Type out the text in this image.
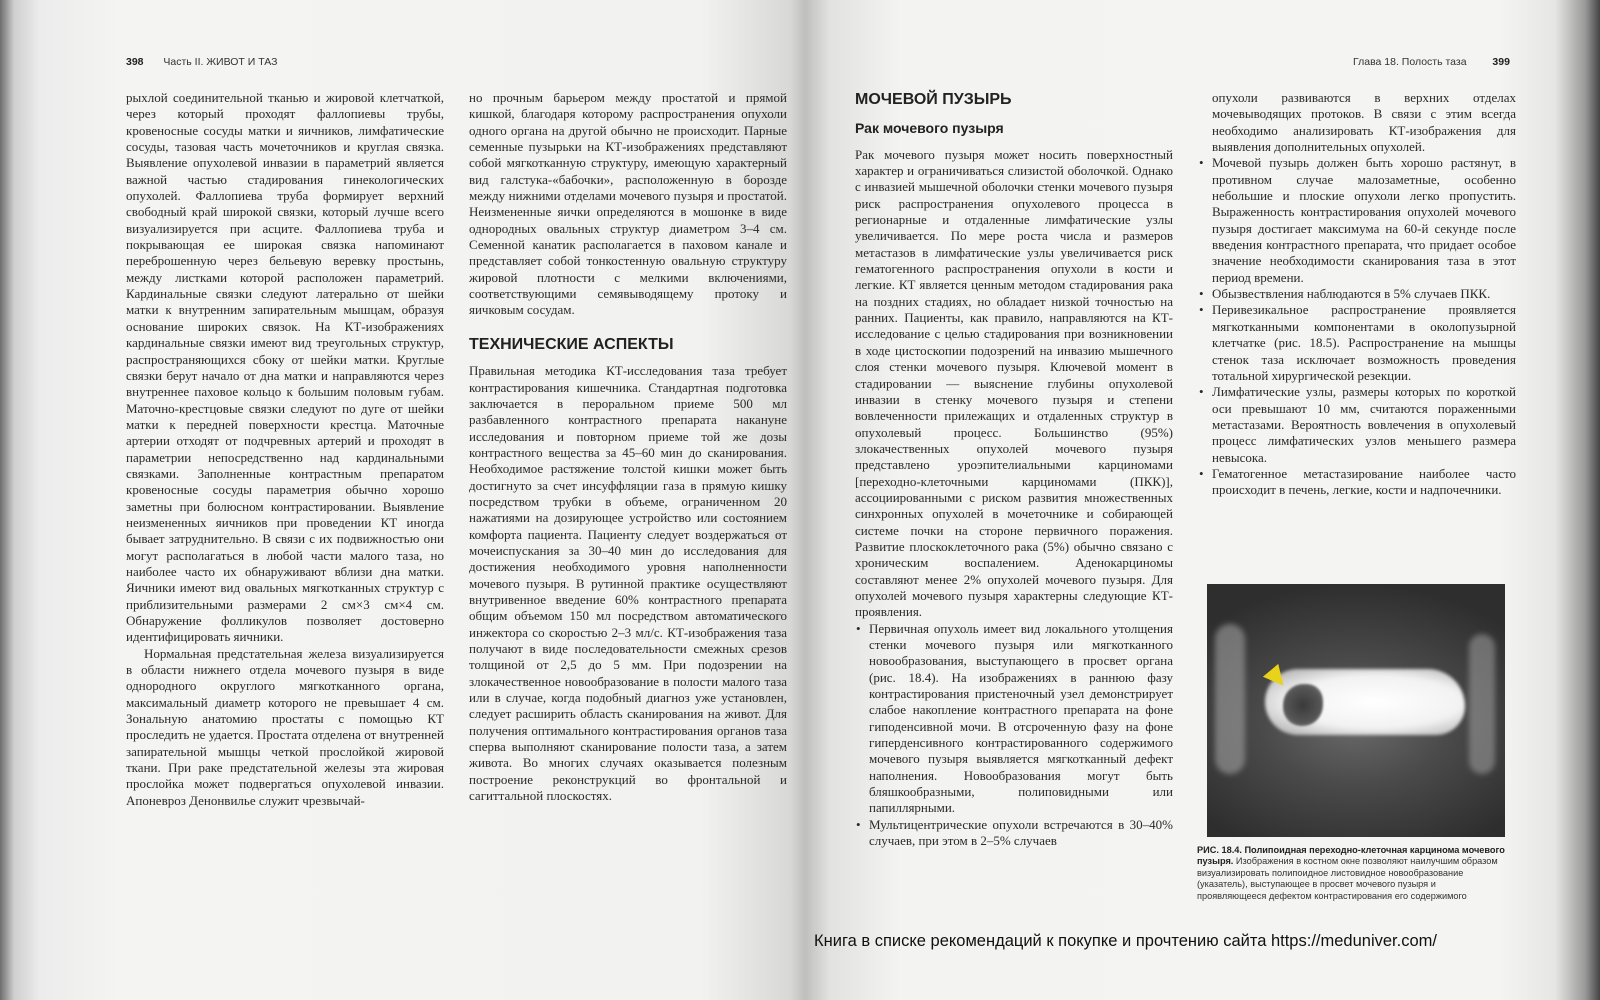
398 Часть II. ЖИВОТ И ТАЗ

рыхлой соединительной тканью и жировой клетчаткой, через который проходят фаллопиевы трубы, кровеносные сосуды матки и яичников, лимфатические сосуды, тазовая часть мочеточников и круглая связка. Выявление опухолевой инвазии в параметрий является важной частью стадирования гинекологических опухолей. Фаллопиева труба формирует верхний свободный край широкой связки, который лучше всего визуализируется при асците. Фаллопиева труба и покрывающая ее широкая связка напоминают переброшенную через бельевую веревку простынь, между листками которой расположен параметрий. Кардинальные связки следуют латерально от шейки матки к внутренним запирательным мышцам, образуя основание широких связок. На КТ-изображениях кардинальные связки имеют вид треугольных структур, распространяющихся сбоку от шейки матки. Круглые связки берут начало от дна матки и направляются через внутреннее паховое кольцо к большим половым губам. Маточно-крестцовые связки следуют по дуге от шейки матки к передней поверхности крестца. Маточные артерии отходят от подчревных артерий и проходят в параметрии непосредственно над кардинальными связками. Заполненные контрастным препаратом кровеносные сосуды параметрия обычно хорошо заметны при болюсном контрастировании. Выявление неизмененных яичников при проведении КТ иногда бывает затруднительно. В связи с их подвижностью они могут располагаться в любой части малого таза, но наиболее часто их обнаруживают вблизи дна матки. Яичники имеют вид овальных мягкотканных структур с приблизительными размерами 2 см×3 см×4 см. Обнаружение фолликулов позволяет достоверно идентифицировать яичники.

Нормальная предстательная железа визуализируется в области нижнего отдела мочевого пузыря в виде однородного округлого мягкотканного органа, максимальный диаметр которого не превышает 4 см. Зональную анатомию простаты с помощью КТ проследить не удается. Простата отделена от внутренней запирательной мышцы четкой прослойкой жировой ткани. При раке предстательной железы эта жировая прослойка может подвергаться опухолевой инвазии. Апоневроз Денонвилье служит чрезвычай-

но прочным барьером между простатой и прямой кишкой, благодаря которому распространения опухоли одного органа на другой обычно не происходит. Парные семенные пузырьки на КТ-изображениях представляют собой мягкотканную структуру, имеющую характерный вид галстука-«бабочки», расположенную в борозде между нижними отделами мочевого пузыря и простатой. Неизмененные яички определяются в мошонке в виде однородных овальных структур диаметром 3–4 см. Семенной канатик располагается в паховом канале и представляет собой тонкостенную овальную структуру жировой плотности с мелкими включениями, соответствующими семявыводящему протоку и яичковым сосудам.

ТЕХНИЧЕСКИЕ АСПЕКТЫ

Правильная методика КТ-исследования таза требует контрастирования кишечника. Стандартная подготовка заключается в пероральном приеме 500 мл разбавленного контрастного препарата накануне исследования и повторном приеме той же дозы контрастного вещества за 45–60 мин до сканирования. Необходимое растяжение толстой кишки может быть достигнуто за счет инсуффляции газа в прямую кишку посредством трубки в объеме, ограниченном 20 нажатиями на дозирующее устройство или состоянием комфорта пациента. Пациенту следует воздержаться от мочеиспускания за 30–40 мин до исследования для достижения необходимого уровня наполненности мочевого пузыря. В рутинной практике осуществляют внутривенное введение 60% контрастного препарата общим объемом 150 мл посредством автоматического инжектора со скоростью 2–3 мл/с. КТ-изображения таза получают в виде последовательности смежных срезов толщиной от 2,5 до 5 мм. При подозрении на злокачественное новообразование в полости малого таза или в случае, когда подобный диагноз уже установлен, следует расширить область сканирования на живот. Для получения оптимального контрастирования органов таза сперва выполняют сканирование полости таза, а затем живота. Во многих случаях оказывается полезным построение реконструкций во фронтальной и сагиттальной плоскостях.

Глава 18. Полость таза 399
МОЧЕВОЙ ПУЗЫРЬ
Рак мочевого пузыря

Рак мочевого пузыря может носить поверхностный характер и ограничиваться слизистой оболочкой. Однако с инвазией мышечной оболочки стенки мочевого пузыря риск распространения опухолевого процесса в регионарные и отдаленные лимфатические узлы увеличивается. По мере роста числа и размеров метастазов в лимфатические узлы увеличивается риск гематогенного распространения опухоли в кости и легкие. КТ является ценным методом стадирования рака на поздних стадиях, но обладает низкой точностью на ранних. Пациенты, как правило, направляются на КТ-исследование с целью стадирования при возникновении в ходе цистоскопии подозрений на инвазию мышечного слоя стенки мочевого пузыря. Ключевой момент в стадировании — выяснение глубины опухолевой инвазии в стенку мочевого пузыря и степени вовлеченности прилежащих и отдаленных структур в опухолевый процесс. Большинство (95%) злокачественных опухолей мочевого пузыря представлено уроэпителиальными карциномами [переходно-клеточными карциномами (ПКК)], ассоциированными с риском развития множественных синхронных опухолей в мочеточнике и собирающей системе почки на стороне первичного поражения. Развитие плоскоклеточного рака (5%) обычно связано с хроническим воспалением. Аденокарциномы составляют менее 2% опухолей мочевого пузыря. Для опухолей мочевого пузыря характерны следующие КТ-проявления.

• Первичная опухоль имеет вид локального утолщения стенки мочевого пузыря или мягкотканного новообразования, выступающего в просвет органа (рис. 18.4). На изображениях в раннюю фазу контрастирования пристеночный узел демонстрирует слабое накопление контрастного препарата на фоне гиподенсивной мочи. В отсроченную фазу на фоне гиперденсивного контрастированного содержимого мочевого пузыря выявляется мягкотканный дефект наполнения. Новообразования могут быть бляшкообразными, полиповидными или папиллярными.
• Мультицентрические опухоли встречаются в 30–40% случаев, при этом в 2–5% случаев

опухоли развиваются в верхних отделах мочевыводящих протоков. В связи с этим всегда необходимо анализировать КТ-изображения для выявления дополнительных опухолей.

• Мочевой пузырь должен быть хорошо растянут, в противном случае малозаметные, особенно небольшие и плоские опухоли легко пропустить. Выраженность контрастирования опухолей мочевого пузыря достигает максимума на 60-й секунде после введения контрастного препарата, что придает особое значение необходимости сканирования таза в этот период времени.
• Обызвествления наблюдаются в 5% случаев ПКК.
• Перивезикальное распространение проявляется мягкотканными компонентами в околопузырной клетчатке (рис. 18.5). Распространение на мышцы стенок таза исключает возможность проведения тотальной хирургической резекции.
• Лимфатические узлы, размеры которых по короткой оси превышают 10 мм, считаются пораженными метастазами. Вероятность вовлечения в опухолевый процесс лимфатических узлов меньшего размера невысока.
• Гематогенное метастазирование наиболее часто происходит в печень, легкие, кости и надпочечники.
РИС. 18.4. Полипоидная переходно-клеточная карцинома мочевого пузыря. Изображения в костном окне позволяют наилучшим образом визуализировать полипоидное листовидное новообразование (указатель), выступающее в просвет мочевого пузыря и проявляющееся дефектом контрастирования его содержимого
Книга в списке рекомендаций к покупке и прочтению сайта https://meduniver.com/
